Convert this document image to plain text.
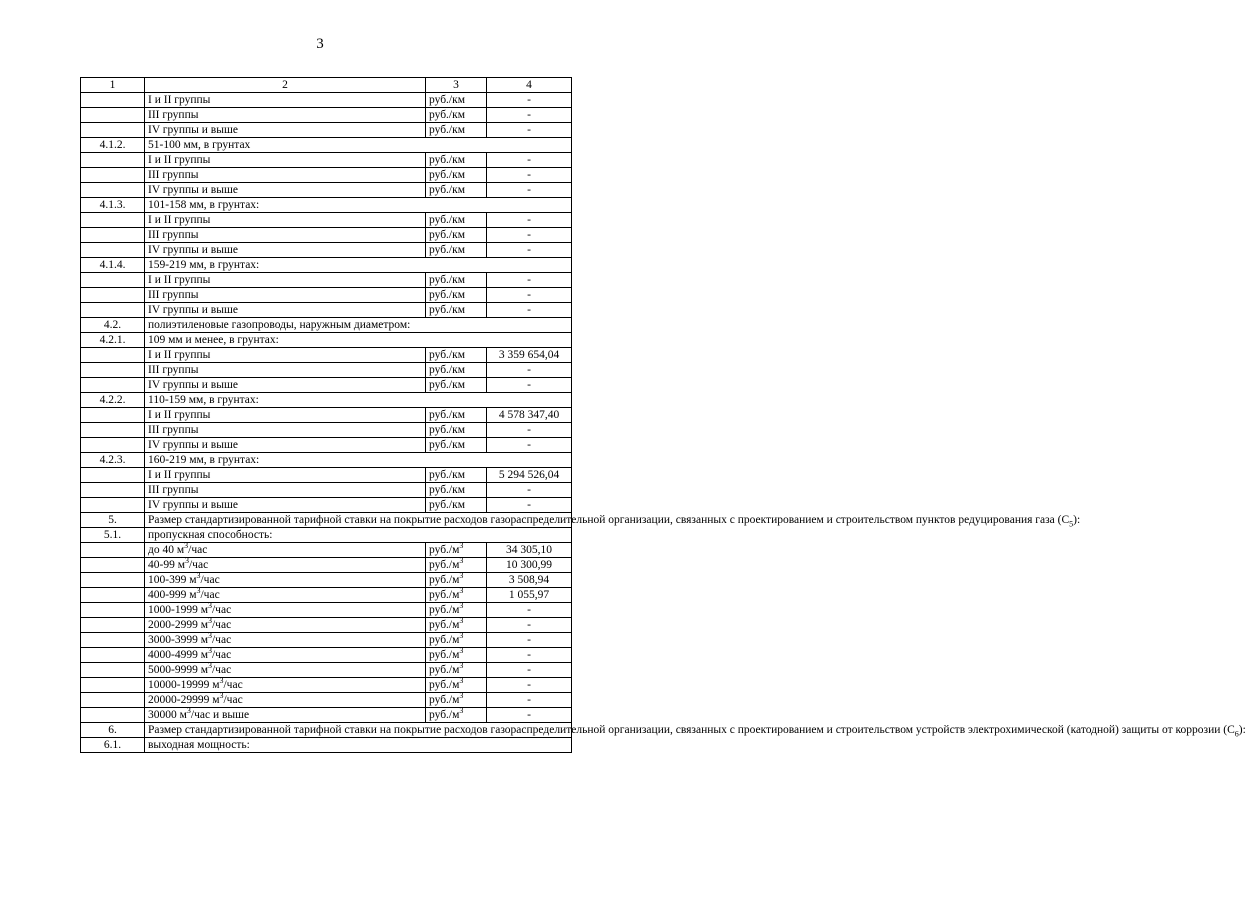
3
1	2	3	4
	I и II группы	руб./км	-
	III группы	руб./км	-
	IV группы и выше	руб./км	-
4.1.2.	51-100 мм, в грунтах		
	I и II группы	руб./км	-
	III группы	руб./км	-
	IV группы и выше	руб./км	-
4.1.3.	101-158 мм, в грунтах:		
	I и II группы	руб./км	-
	III группы	руб./км	-
	IV группы и выше	руб./км	-
4.1.4.	159-219 мм, в грунтах:		
	I и II группы	руб./км	-
	III группы	руб./км	-
	IV группы и выше	руб./км	-
4.2.	полиэтиленовые газопроводы, наружным диаметром:		
4.2.1.	109 мм и менее, в грунтах:		
	I и II группы	руб./км	3 359 654,04
	III группы	руб./км	-
	IV группы и выше	руб./км	-
4.2.2.	110-159 мм, в грунтах:		
	I и II группы	руб./км	4 578 347,40
	III группы	руб./км	-
	IV группы и выше	руб./км	-
4.2.3.	160-219 мм, в грунтах:		
	I и II группы	руб./км	5 294 526,04
	III группы	руб./км	-
	IV группы и выше	руб./км	-
5.	Размер стандартизированной тарифной ставки на покрытие расходов газораспределительной организации, связанных с проектированием и строительством пунктов редуцирования газа $(С_5)$:		
5.1.	пропускная способность:		
	до 40 $м^3$/час	$руб./м^3$	34 305,10
	40-99 $м^3$/час	$руб./м^3$	10 300,99
	100-399 $м^3$/час	$руб./м^3$	3 508,94
	400-999 $м^3$/час	$руб./м^3$	1 055,97
	1000-1999 $м^3$/час	$руб./м^3$	-
	2000-2999 $м^3$/час	$руб./м^3$	-
	3000-3999 $м^3$/час	$руб./м^3$	-
	4000-4999 $м^3$/час	$руб./м^3$	-
	5000-9999 $м^3$/час	$руб./м^3$	-
	10000-19999 $м^3$/час	$руб./м^3$	-
	20000-29999 $м^3$/час	$руб./м^3$	-
	30000 $м^3$/час и выше	$руб./м^3$	-
6.	Размер стандартизированной тарифной ставки на покрытие расходов газораспределительной организации, связанных с проектированием и строительством устройств электрохимической (катодной) защиты от коррозии $(С_6)$:		
6.1.	выходная мощность:		
